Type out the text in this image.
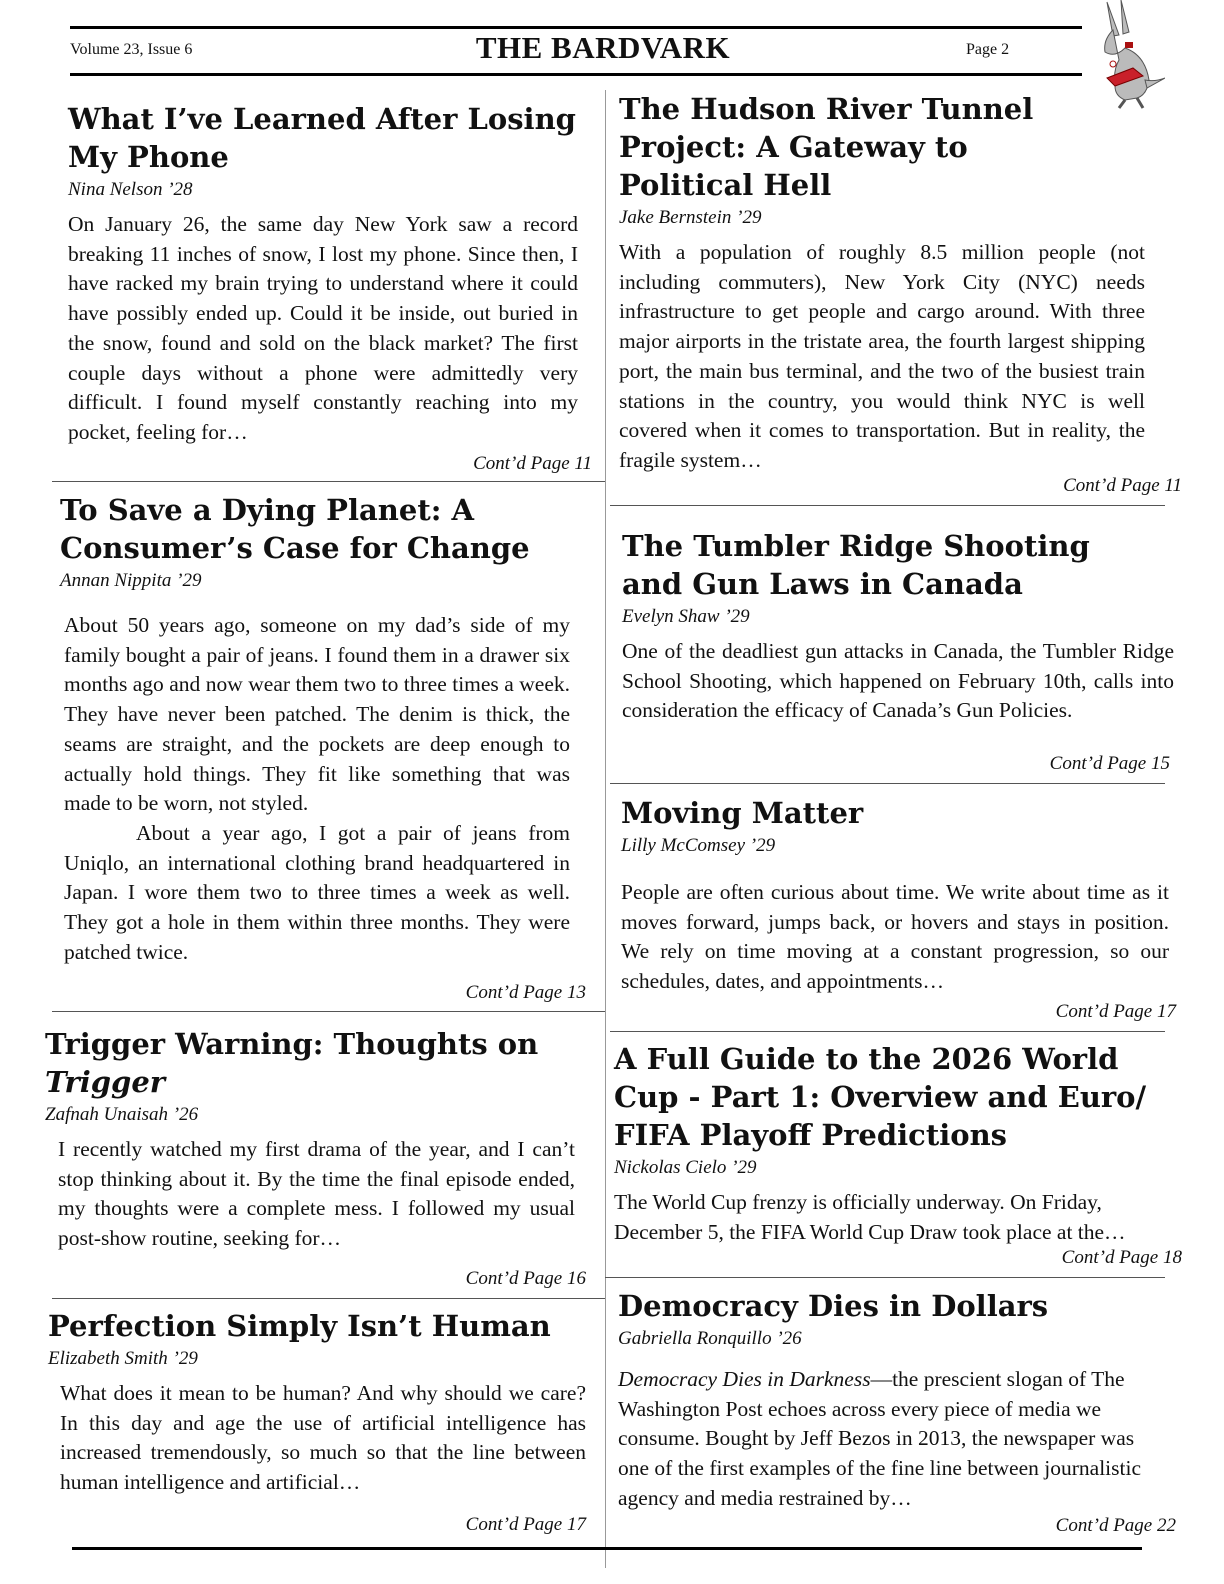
Volume 23, Issue 6	THE BARDVARK	Page 2
What I’ve Learned After Losing My Phone
Nina Nelson ’28

On January 26, the same day New York saw a record breaking 11 inches of snow, I lost my phone. Since then, I have racked my brain trying to understand where it could have possibly ended up. Could it be inside, out buried in the snow, found and sold on the black market? The first couple days without a phone were admittedly very difficult. I found myself constantly reaching into my pocket, feeling for…

Cont’d Page 11
To Save a Dying Planet: A Consumer’s Case for Change
Annan Nippita ’29

About 50 years ago, someone on my dad’s side of my family bought a pair of jeans. I found them in a drawer six months ago and now wear them two to three times a week. They have never been patched. The denim is thick, the seams are straight, and the pockets are deep enough to actually hold things. They fit like something that was made to be worn, not styled.

About a year ago, I got a pair of jeans from Uniqlo, an international clothing brand headquartered in Japan. I wore them two to three times a week as well. They got a hole in them within three months. They were patched twice.

Cont’d Page 13
Trigger Warning: Thoughts on Trigger
Zafnah Unaisah ’26

I recently watched my first drama of the year, and I can’t stop thinking about it. By the time the final episode ended, my thoughts were a complete mess. I followed my usual post-show routine, seeking for…

Cont’d Page 16
Perfection Simply Isn’t Human
Elizabeth Smith ’29

What does it mean to be human? And why should we care? In this day and age the use of artificial intelligence has increased tremendously, so much so that the line between human intelligence and artificial…

Cont’d Page 17
The Hudson River Tunnel Project: A Gateway to Political Hell
Jake Bernstein ’29

With a population of roughly 8.5 million people (not including commuters), New York City (NYC) needs infrastructure to get people and cargo around. With three major airports in the tristate area, the fourth largest shipping port, the main bus terminal, and the two of the busiest train stations in the country, you would think NYC is well covered when it comes to transportation. But in reality, the fragile system…

Cont’d Page 11
The Tumbler Ridge Shooting and Gun Laws in Canada
Evelyn Shaw ’29

One of the deadliest gun attacks in Canada, the Tumbler Ridge School Shooting, which happened on February 10th, calls into consideration the efficacy of Canada’s Gun Policies.

Cont’d Page 15
Moving Matter
Lilly McComsey ’29

People are often curious about time. We write about time as it moves forward, jumps back, or hovers and stays in position. We rely on time moving at a constant progression, so our schedules, dates, and appointments…

Cont’d Page 17
A Full Guide to the 2026 World Cup - Part 1: Overview and Euro/ FIFA Playoff Predictions
Nickolas Cielo ’29

The World Cup frenzy is officially underway. On Friday, December 5, the FIFA World Cup Draw took place at the…

Cont’d Page 18
Democracy Dies in Dollars
Gabriella Ronquillo ’26

Democracy Dies in Darkness—the prescient slogan of The Washington Post echoes across every piece of media we consume. Bought by Jeff Bezos in 2013, the newspaper was one of the first examples of the fine line between journalistic agency and media restrained by…

Cont’d Page 22
